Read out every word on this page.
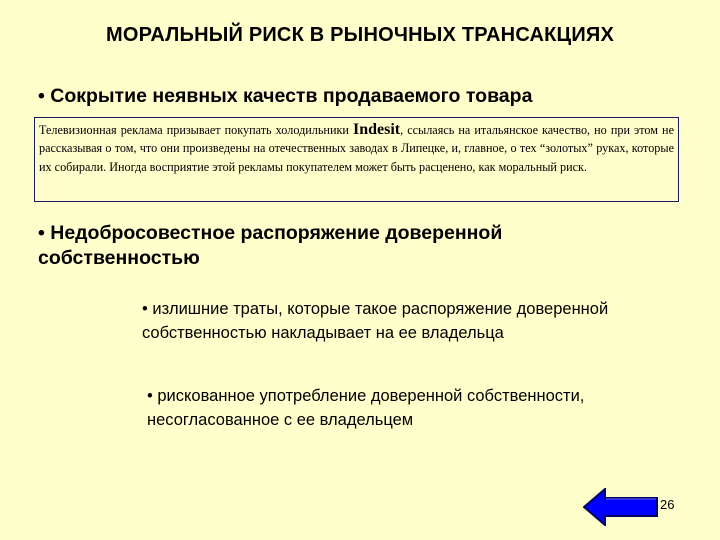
МОРАЛЬНЫЙ РИСК В РЫНОЧНЫХ ТРАНСАКЦИЯХ
• Сокрытие неявных качеств продаваемого товара
Телевизионная реклама призывает покупать холодильники Indesit, ссылаясь на итальянское качество, но при этом не рассказывая о том, что они произведены на отечественных заводах в Липецке, и, главное, о тех “золотых” руках, которые их собирали. Иногда восприятие этой рекламы покупателем может быть расценено, как моральный риск.
• Недобросовестное распоряжение доверенной собственностью
• излишние траты, которые такое распоряжение доверенной собственностью накладывает на ее владельца
• рискованное употребление доверенной собственности, несогласованное с ее владельцем
26
